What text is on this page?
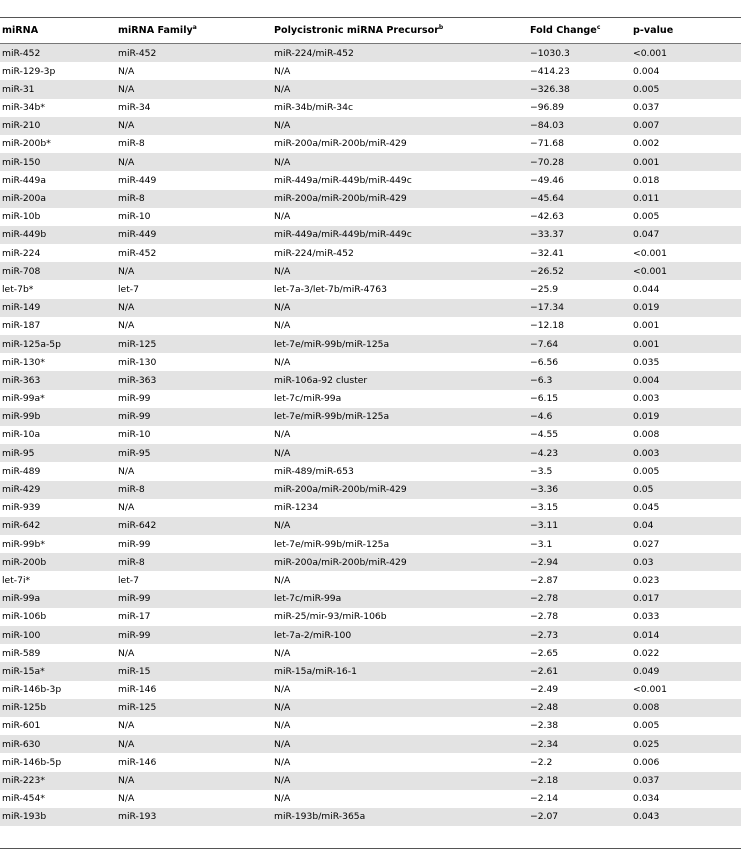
miRNA	miRNA Family$^a$	Polycistronic miRNA Precursor$^b$	Fold Change$^c$	p-value
miR-452	miR-452	miR-224/miR-452	−1030.3	<0.001
miR-129-3p	N/A	N/A	−414.23	0.004
miR-31	N/A	N/A	−326.38	0.005
miR-34b*	miR-34	miR-34b/miR-34c	−96.89	0.037
miR-210	N/A	N/A	−84.03	0.007
miR-200b*	miR-8	miR-200a/miR-200b/miR-429	−71.68	0.002
miR-150	N/A	N/A	−70.28	0.001
miR-449a	miR-449	miR-449a/miR-449b/miR-449c	−49.46	0.018
miR-200a	miR-8	miR-200a/miR-200b/miR-429	−45.64	0.011
miR-10b	miR-10	N/A	−42.63	0.005
miR-449b	miR-449	miR-449a/miR-449b/miR-449c	−33.37	0.047
miR-224	miR-452	miR-224/miR-452	−32.41	<0.001
miR-708	N/A	N/A	−26.52	<0.001
let-7b*	let-7	let-7a-3/let-7b/miR-4763	−25.9	0.044
miR-149	N/A	N/A	−17.34	0.019
miR-187	N/A	N/A	−12.18	0.001
miR-125a-5p	miR-125	let-7e/miR-99b/miR-125a	−7.64	0.001
miR-130*	miR-130	N/A	−6.56	0.035
miR-363	miR-363	miR-106a-92 cluster	−6.3	0.004
miR-99a*	miR-99	let-7c/miR-99a	−6.15	0.003
miR-99b	miR-99	let-7e/miR-99b/miR-125a	−4.6	0.019
miR-10a	miR-10	N/A	−4.55	0.008
miR-95	miR-95	N/A	−4.23	0.003
miR-489	N/A	miR-489/miR-653	−3.5	0.005
miR-429	miR-8	miR-200a/miR-200b/miR-429	−3.36	0.05
miR-939	N/A	miR-1234	−3.15	0.045
miR-642	miR-642	N/A	−3.11	0.04
miR-99b*	miR-99	let-7e/miR-99b/miR-125a	−3.1	0.027
miR-200b	miR-8	miR-200a/miR-200b/miR-429	−2.94	0.03
let-7i*	let-7	N/A	−2.87	0.023
miR-99a	miR-99	let-7c/miR-99a	−2.78	0.017
miR-106b	miR-17	miR-25/mir-93/miR-106b	−2.78	0.033
miR-100	miR-99	let-7a-2/miR-100	−2.73	0.014
miR-589	N/A	N/A	−2.65	0.022
miR-15a*	miR-15	miR-15a/miR-16-1	−2.61	0.049
miR-146b-3p	miR-146	N/A	−2.49	<0.001
miR-125b	miR-125	N/A	−2.48	0.008
miR-601	N/A	N/A	−2.38	0.005
miR-630	N/A	N/A	−2.34	0.025
miR-146b-5p	miR-146	N/A	−2.2	0.006
miR-223*	N/A	N/A	−2.18	0.037
miR-454*	N/A	N/A	−2.14	0.034
miR-193b	miR-193	miR-193b/miR-365a	−2.07	0.043
